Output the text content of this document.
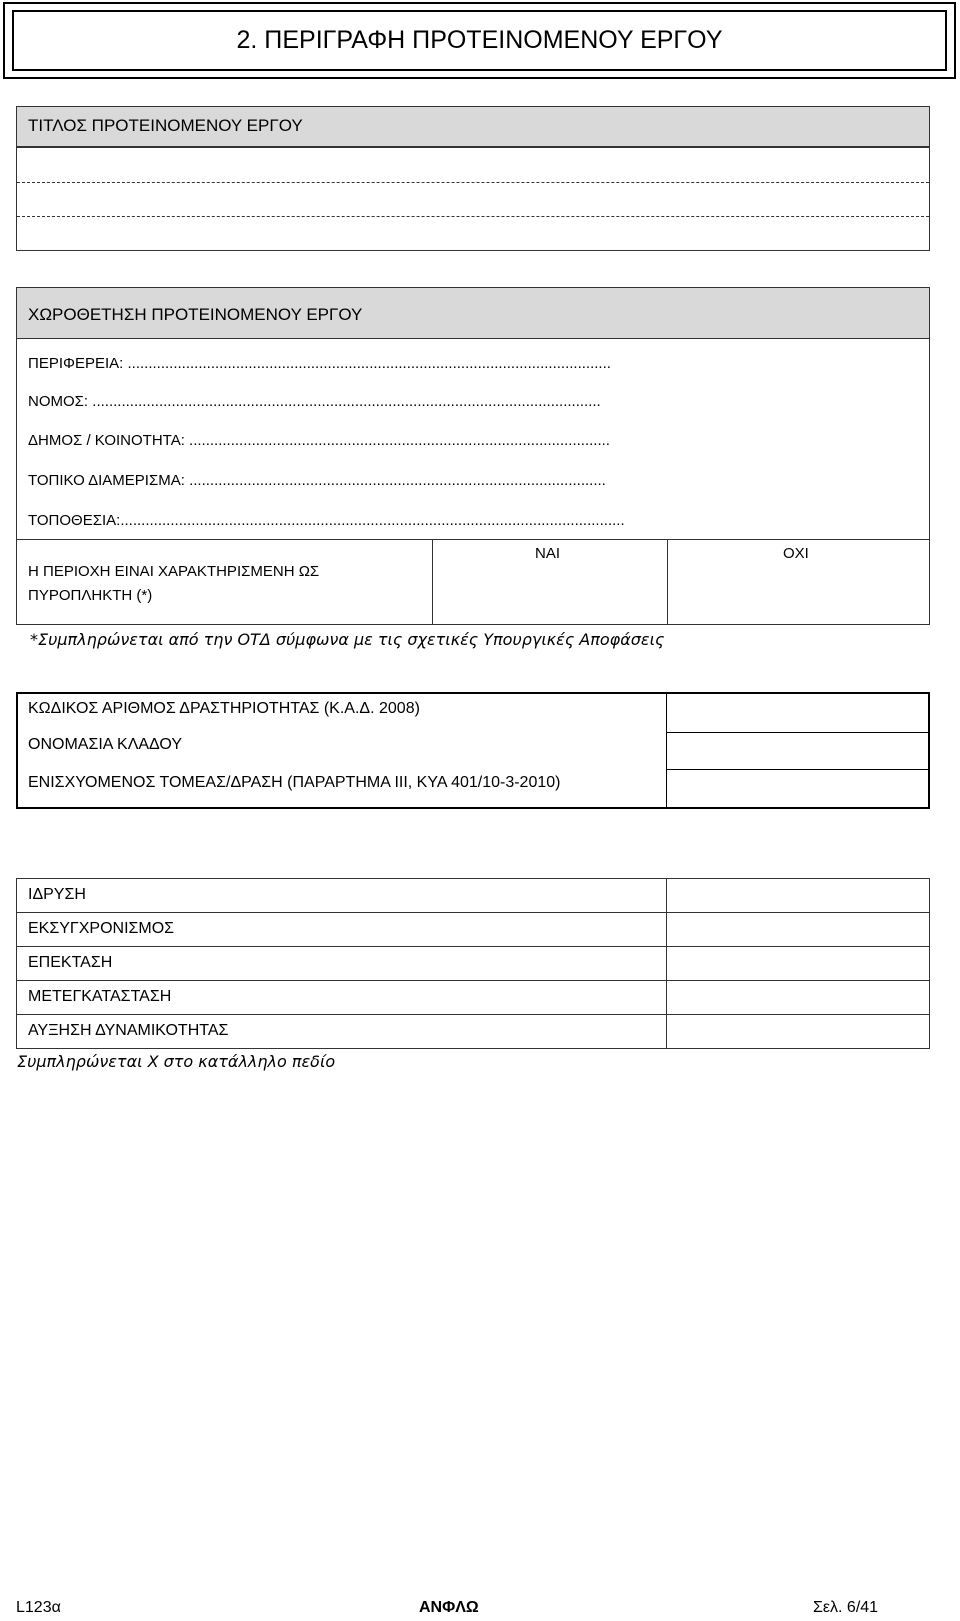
2. ΠΕΡΙΓΡΑΦΗ ΠΡΟΤΕΙΝΟΜΕΝΟΥ ΕΡΓΟΥ
ΤΙΤΛΟΣ ΠΡΟΤΕΙΝΟΜΕΝΟΥ ΕΡΓΟΥ
ΧΩΡΟΘΕΤΗΣΗ ΠΡΟΤΕΙΝΟΜΕΝΟΥ ΕΡΓΟΥ
ΠΕΡΙΦΕΡΕΙΑ: ....................................................................................................................
ΝΟΜΟΣ: ..........................................................................................................................
ΔΗΜΟΣ / ΚΟΙΝΟΤΗΤΑ: .....................................................................................................
ΤΟΠΙΚΟ ΔΙΑΜΕΡΙΣΜΑ: ....................................................................................................
ΤΟΠΟΘΕΣΙΑ:.........................................................................................................................
Η ΠΕΡΙΟΧΗ ΕΙΝΑΙ ΧΑΡΑΚΤΗΡΙΣΜΕΝΗ ΩΣ
ΠΥΡΟΠΛΗΚΤΗ (*)
ΝΑΙ	ΟΧΙ
*Συμπληρώνεται από την ΟΤΔ σύμφωνα με τις σχετικές Υπουργικές Αποφάσεις
ΚΩΔΙΚΟΣ ΑΡΙΘΜΟΣ ΔΡΑΣΤΗΡΙΟΤΗΤΑΣ (Κ.Α.Δ. 2008)
ΟΝΟΜΑΣΙΑ ΚΛΑΔΟΥ
ΕΝΙΣΧΥΟΜΕΝΟΣ ΤΟΜΕΑΣ/ΔΡΑΣΗ (ΠΑΡΑΡΤΗΜΑ ΙΙΙ, ΚΥΑ 401/10-3-2010)
ΙΔΡΥΣΗ
ΕΚΣΥΓΧΡΟΝΙΣΜΟΣ
ΕΠΕΚΤΑΣΗ
ΜΕΤΕΓΚΑΤΑΣΤΑΣΗ
ΑΥΞΗΣΗ ΔΥΝΑΜΙΚΟΤΗΤΑΣ
Συμπληρώνεται Χ στο κατάλληλο πεδίο
L123α	ΑΝΦΛΩ	Σελ. 6/41
